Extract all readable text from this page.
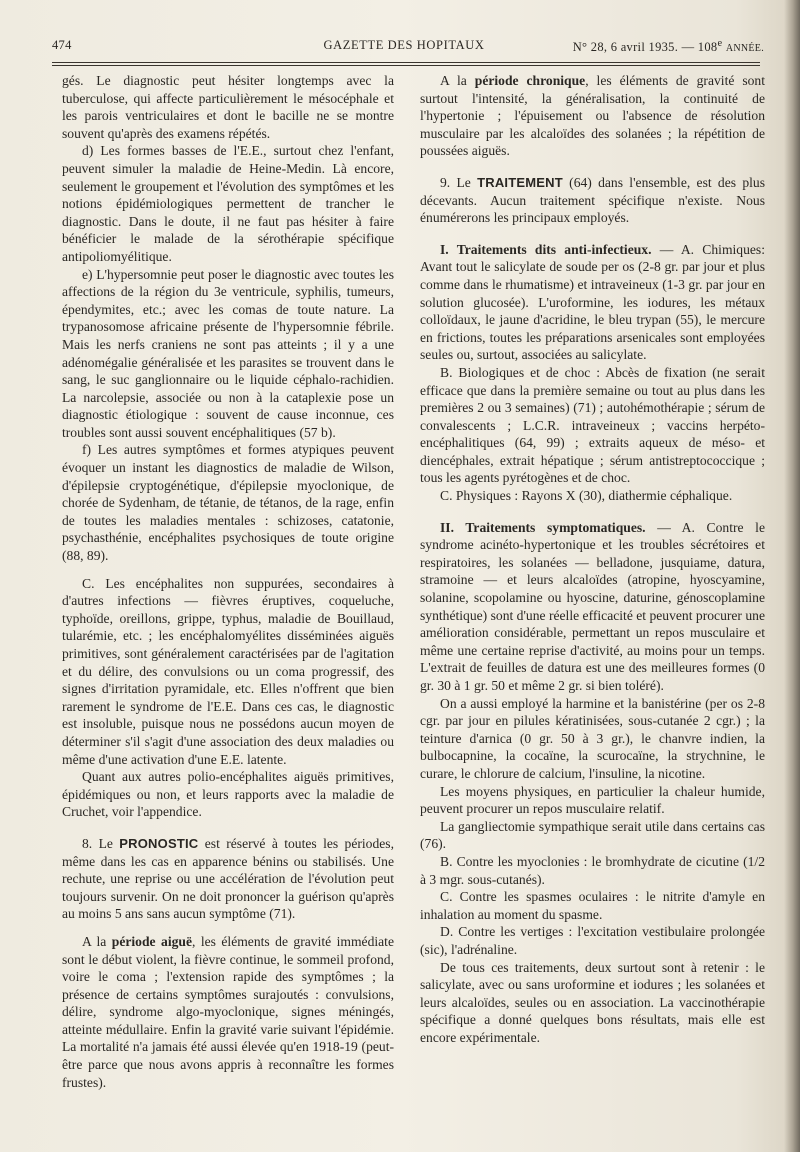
474	GAZETTE DES HOPITAUX	N° 28, 6 avril 1935. — 108e ANNÉE.

gés. Le diagnostic peut hésiter longtemps avec la tuberculose, qui affecte particulièrement le mésocéphale et les parois ventriculaires et dont le bacille ne se montre souvent qu'après des examens répétés.

d) Les formes basses de l'E.E., surtout chez l'enfant, peuvent simuler la maladie de Heine-Medin. Là encore, seulement le groupement et l'évolution des symptômes et les notions épidémiologiques permettent de trancher le diagnostic. Dans le doute, il ne faut pas hésiter à faire bénéficier le malade de la sérothérapie spécifique antipoliomyélitique.

e) L'hypersomnie peut poser le diagnostic avec toutes les affections de la région du 3e ventricule, syphilis, tumeurs, épendymites, etc.; avec les comas de toute nature. La trypanosomose africaine présente de l'hypersomnie fébrile. Mais les nerfs craniens ne sont pas atteints ; il y a une adénomégalie généralisée et les parasites se trouvent dans le sang, le suc ganglionnaire ou le liquide céphalo-rachidien. La narcolepsie, associée ou non à la cataplexie pose un diagnostic étiologique : souvent de cause inconnue, ces troubles sont aussi souvent encéphalitiques (57 b).

f) Les autres symptômes et formes atypiques peuvent évoquer un instant les diagnostics de maladie de Wilson, d'épilepsie cryptogénétique, d'épilepsie myoclonique, de chorée de Sydenham, de tétanie, de tétanos, de la rage, enfin de toutes les maladies mentales : schizoses, catatonie, psychasthénie, encéphalites psychosiques de toute origine (88, 89).

C. Les encéphalites non suppurées, secondaires à d'autres infections — fièvres éruptives, coqueluche, typhoïde, oreillons, grippe, typhus, maladie de Bouillaud, tularémie, etc. ; les encéphalomyélites disséminées aiguës primitives, sont généralement caractérisées par de l'agitation et du délire, des convulsions ou un coma progressif, des signes d'irritation pyramidale, etc. Elles n'offrent que bien rarement le syndrome de l'E.E. Dans ces cas, le diagnostic est insoluble, puisque nous ne possédons aucun moyen de déterminer s'il s'agit d'une association des deux maladies ou même d'une activation d'une E.E. latente.

Quant aux autres polio-encéphalites aiguës primitives, épidémiques ou non, et leurs rapports avec la maladie de Cruchet, voir l'appendice.

8. Le PRONOSTIC est réservé à toutes les périodes, même dans les cas en apparence bénins ou stabilisés. Une rechute, une reprise ou une accélération de l'évolution peut toujours survenir. On ne doit prononcer la guérison qu'après au moins 5 ans sans aucun symptôme (71).

A la période aiguë, les éléments de gravité immédiate sont le début violent, la fièvre continue, le sommeil profond, voire le coma ; l'extension rapide des symptômes ; la présence de certains symptômes surajoutés : convulsions, délire, syndrome algo-myoclonique, signes méningés, atteinte médullaire. Enfin la gravité varie suivant l'épidémie. La mortalité n'a jamais été aussi élevée qu'en 1918-19 (peut-être parce que nous avons appris à reconnaître les formes frustes).

A la période chronique, les éléments de gravité sont surtout l'intensité, la généralisation, la continuité de l'hypertonie ; l'épuisement ou l'absence de résolution musculaire par les alcaloïdes des solanées ; la répétition de poussées aiguës.

9. Le TRAITEMENT (64) dans l'ensemble, est des plus décevants. Aucun traitement spécifique n'existe. Nous énumérerons les principaux employés.

I. Traitements dits anti-infectieux. — A. Chimiques: Avant tout le salicylate de soude per os (2-8 gr. par jour et plus comme dans le rhumatisme) et intraveineux (1-3 gr. par jour en solution glucosée). L'uroformine, les iodures, les métaux colloïdaux, le jaune d'acridine, le bleu trypan (55), le mercure en frictions, toutes les préparations arsenicales sont employées seules ou, surtout, associées au salicylate.

B. Biologiques et de choc : Abcès de fixation (ne serait efficace que dans la première semaine ou tout au plus dans les premières 2 ou 3 semaines) (71) ; autohémothérapie ; sérum de convalescents ; L.C.R. intraveineux ; vaccins herpéto-encéphalitiques (64, 99) ; extraits aqueux de méso- et diencéphales, extrait hépatique ; sérum antistreptococcique ; tous les agents pyrétogènes et de choc.

C. Physiques : Rayons X (30), diathermie céphalique.

II. Traitements symptomatiques. — A. Contre le syndrome acinéto-hypertonique et les troubles sécrétoires et respiratoires, les solanées — belladone, jusquiame, datura, stramoine — et leurs alcaloïdes (atropine, hyoscyamine, solanine, scopolamine ou hyoscine, daturine, génoscoplamine synthétique) sont d'une réelle efficacité et peuvent procurer une amélioration considérable, permettant un repos musculaire et même une certaine reprise d'activité, au moins pour un temps. L'extrait de feuilles de datura est une des meilleures formes (0 gr. 30 à 1 gr. 50 et même 2 gr. si bien toléré).

On a aussi employé la harmine et la banistérine (per os 2-8 cgr. par jour en pilules kératinisées, sous-cutanée 2 cgr.) ; la teinture d'arnica (0 gr. 50 à 3 gr.), le chanvre indien, la bulbocapnine, la cocaïne, la scurocaïne, la strychnine, le curare, le chlorure de calcium, l'insuline, la nicotine.

Les moyens physiques, en particulier la chaleur humide, peuvent procurer un repos musculaire relatif.

La gangliectomie sympathique serait utile dans certains cas (76).

B. Contre les myoclonies : le bromhydrate de cicutine (1/2 à 3 mgr. sous-cutanés).

C. Contre les spasmes oculaires : le nitrite d'amyle en inhalation au moment du spasme.

D. Contre les vertiges : l'excitation vestibulaire prolongée (sic), l'adrénaline.

De tous ces traitements, deux surtout sont à retenir : le salicylate, avec ou sans uroformine et iodures ; les solanées et leurs alcaloïdes, seules ou en association. La vaccinothérapie spécifique a donné quelques bons résultats, mais elle est encore expérimentale.
